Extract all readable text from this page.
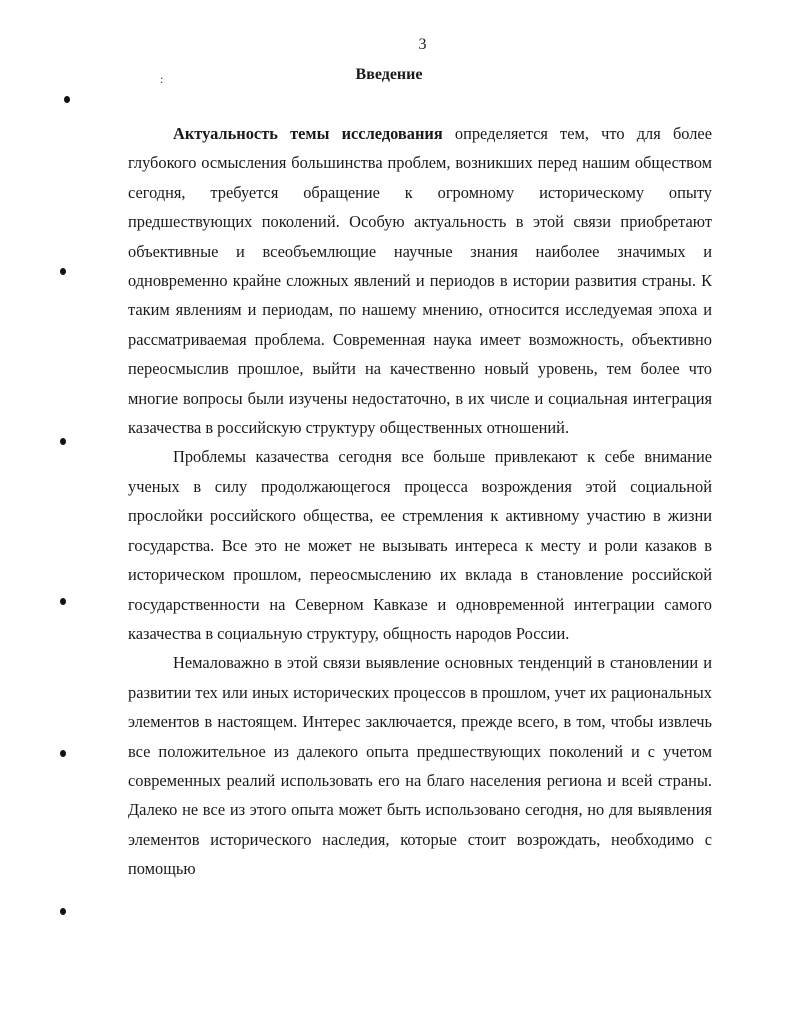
3
:	Введение

Актуальность темы исследования определяется тем, что для более глубокого осмысления большинства проблем, возникших перед нашим обществом сегодня, требуется обращение к огромному историческому опыту предшествующих поколений. Особую актуальность в этой связи приобретают объективные и всеобъемлющие научные знания наиболее значимых и одновременно крайне сложных явлений и периодов в истории развития страны. К таким явлениям и периодам, по нашему мнению, относится исследуемая эпоха и рассматриваемая проблема. Современная наука имеет возможность, объективно переосмыслив прошлое, выйти на качественно новый уровень, тем более что многие вопросы были изучены недостаточно, в их числе и социальная интеграция казачества в российскую структуру общественных отношений.

Проблемы казачества сегодня все больше привлекают к себе внимание ученых в силу продолжающегося процесса возрождения этой социальной прослойки российского общества, ее стремления к активному участию в жизни государства. Все это не может не вызывать интереса к месту и роли казаков в историческом прошлом, переосмыслению их вклада в становление российской государственности на Северном Кавказе и одновременной интеграции самого казачества в социальную структуру, общность народов России.

Немаловажно в этой связи выявление основных тенденций в становлении и развитии тех или иных исторических процессов в прошлом, учет их рациональных элементов в настоящем. Интерес заключается, прежде всего, в том, чтобы извлечь все положительное из далекого опыта предшествующих поколений и с учетом современных реалий использовать его на благо населения региона и всей страны. Далеко не все из этого опыта может быть использовано сегодня, но для выявления элементов исторического наследия, которые стоит возрождать, необходимо с помощью
